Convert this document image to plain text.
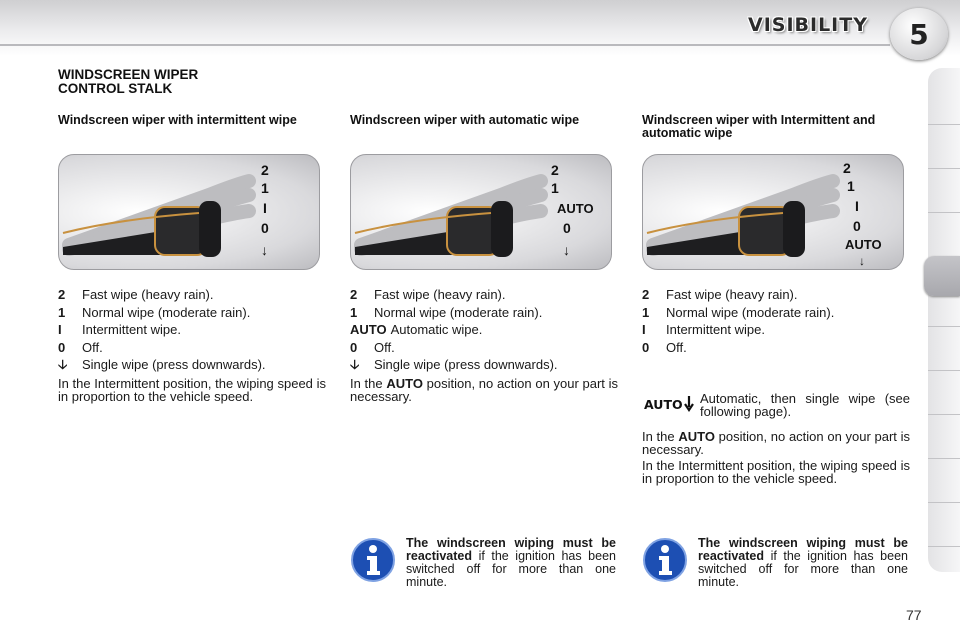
VISIBILITY 5
WINDSCREEN WIPER
CONTROL STALK
Windscreen wiper with intermittent wipe
2
1
I
0
↓
2	Fast wipe (heavy rain).
1	Normal wipe (moderate rain).
I	Intermittent wipe.
0	Off.
🡣	Single wipe (press downwards).
In the Intermittent position, the wiping speed is in proportion to the vehicle speed.
Windscreen wiper with automatic wipe
2
1
AUTO
0
↓
2	Fast wipe (heavy rain).
1	Normal wipe (moderate rain).
AUTO Automatic wipe.
0	Off.
🡣	Single wipe (press downwards).
In the AUTO position, no action on your part is necessary.
Windscreen wiper with Intermittent and automatic wipe
2
1
I
0
AUTO
↓
2	Fast wipe (heavy rain).
1	Normal wipe (moderate rain).
I	Intermittent wipe.
0	Off.
AUTO Automatic, then single wipe (see following page).
In the AUTO position, no action on your part is necessary.
In the Intermittent position, the wiping speed is in proportion to the vehicle speed.
The windscreen wiping must be reactivated if the ignition has been switched off for more than one minute.
The windscreen wiping must be reactivated if the ignition has been switched off for more than one minute.
77
